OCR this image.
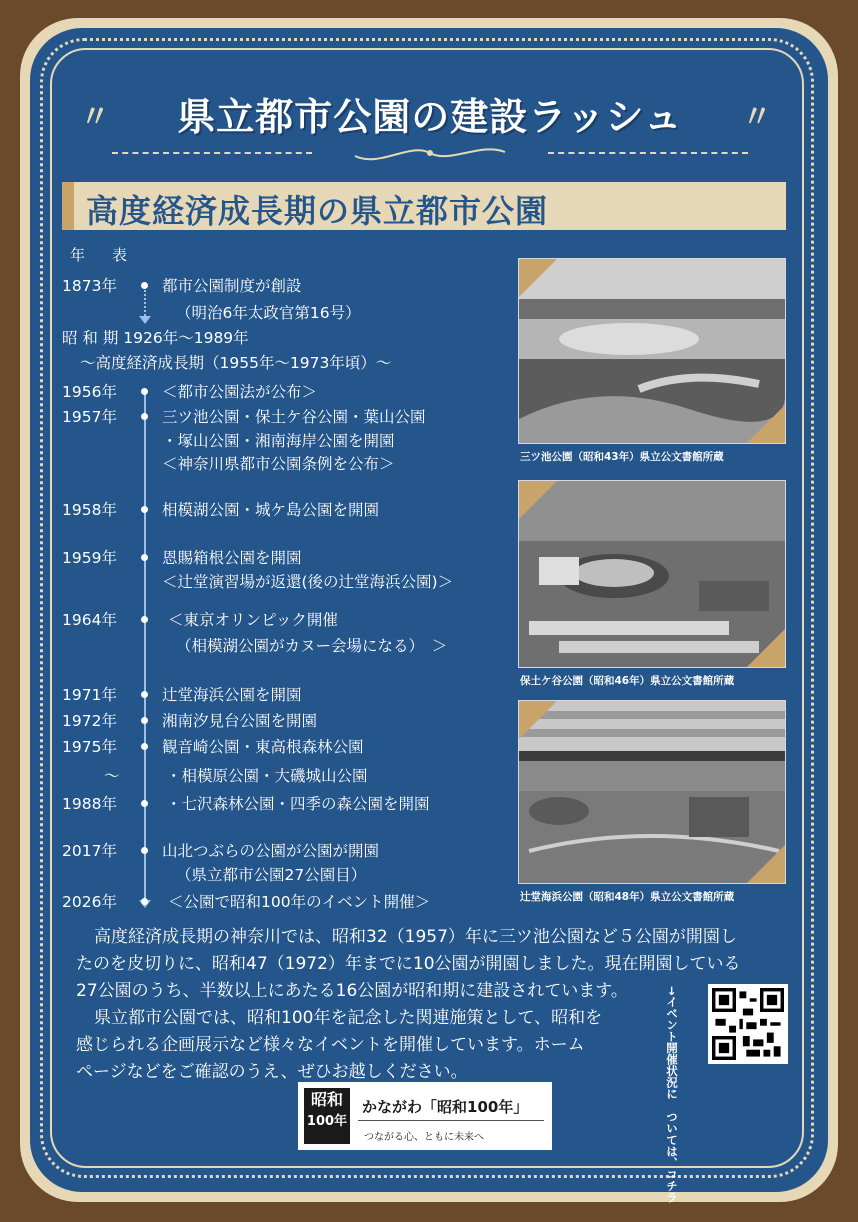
〃	県立都市公園の建設ラッシュ	〃
高度経済成長期の県立都市公園
年　表
1873年	都市公園制度が創設
（明治6年太政官第16号）
昭 和 期 1926年～1989年
～高度経済成長期（1955年～1973年頃）～
1956年	＜都市公園法が公布＞
1957年	三ツ池公園・保土ケ谷公園・葉山公園
・塚山公園・湘南海岸公園を開園
＜神奈川県都市公園条例を公布＞
1958年	相模湖公園・城ケ島公園を開園
1959年	恩賜箱根公園を開園
＜辻堂演習場が返還(後の辻堂海浜公園)＞
1964年	＜東京オリンピック開催
（相模湖公園がカヌー会場になる）　＞
1971年	辻堂海浜公園を開園
1972年	湘南汐見台公園を開園
1975年	観音崎公園・東高根森林公園
～	・相模原公園・大磯城山公園
1988年	・七沢森林公園・四季の森公園を開園
2017年	山北つぶらの公園が公園が開園
（県立都市公園27公園目）
2026年	＜公園で昭和100年のイベント開催＞
三ツ池公園（昭和43年）県立公文書館所蔵
保土ケ谷公園（昭和46年）県立公文書館所蔵
辻堂海浜公園（昭和48年）県立公文書館所蔵
高度経済成長期の神奈川では、昭和32（1957）年に三ツ池公園など５公園が開園し
たのを皮切りに、昭和47（1972）年までに10公園が開園しました。現在開園している
27公園のうち、半数以上にあたる16公園が昭和期に建設されています。
県立都市公園では、昭和100年を記念した関連施策として、昭和を
感じられる企画展示など様々なイベントを開催しています。ホーム
ページなどをご確認のうえ、ぜひお越しください。	→イベント開催状況に　ついては、コチラ
昭和
100年
かながわ「昭和100年」
つながる心、ともに未来へ
